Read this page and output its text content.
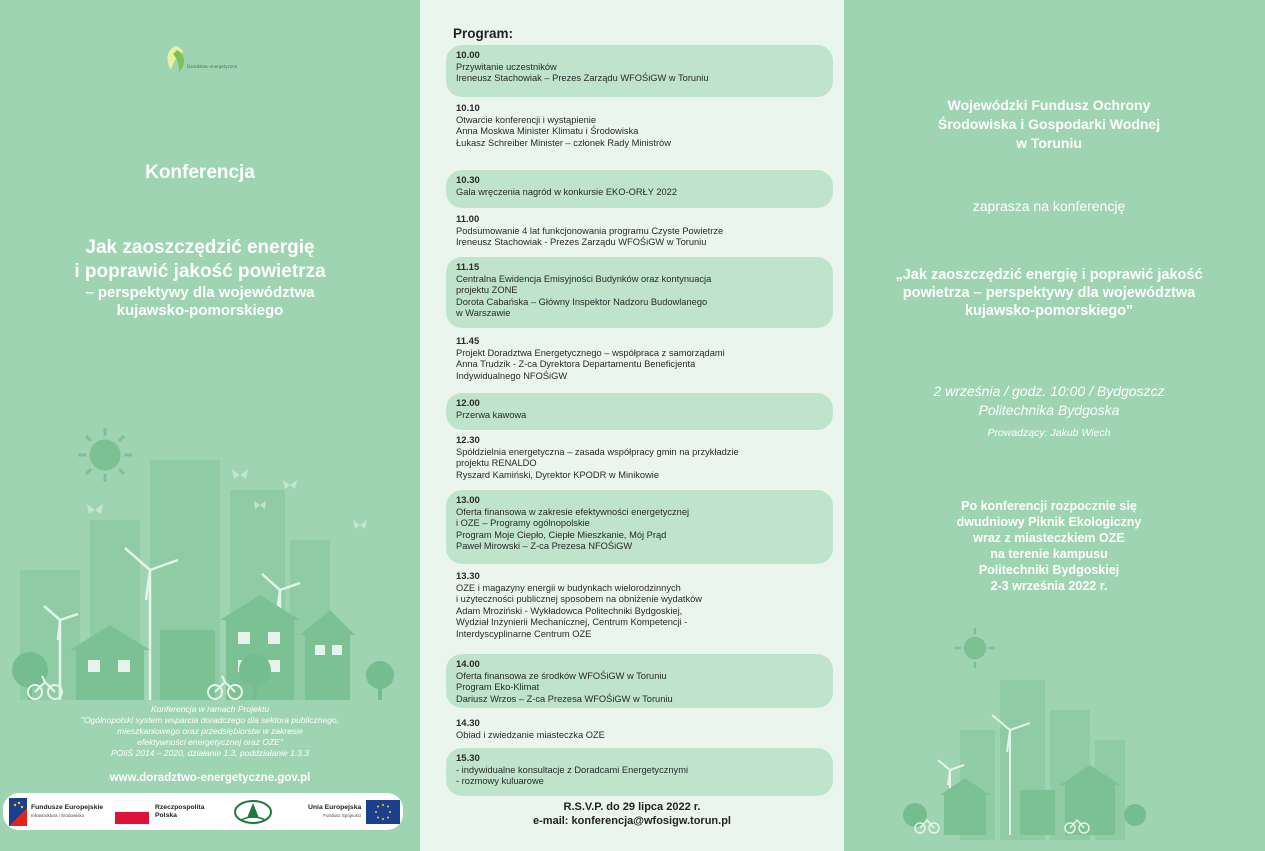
Doradztwo energetyczne
Konferencja
Jak zaoszczędzić energię
i poprawić jakość powietrza
– perspektywy dla województwa
kujawsko-pomorskiego
Konferencja w ramach Projektu
"Ogólnopolski system wsparcia doradczego dla sektora publicznego,
mieszkaniowego oraz przedsiębiorstw w zakresie
efektywności energetycznej oraz OZE"
POIiŚ 2014 – 2020, działanie 1.3, poddziałanie 1.3.3
www.doradztwo-energetyczne.gov.pl
Fundusze Europejskie
Infrastruktura i Środowisko
Rzeczpospolita Polska
Unia Europejska
Fundusz Spójności
Program:
10.00
Przywitanie uczestników
Ireneusz Stachowiak – Prezes Zarządu WFOŚiGW w Toruniu
10.10
Otwarcie konferencji i wystąpienie
Anna Moskwa Minister Klimatu i Środowiska
Łukasz Schreiber Minister – członek Rady Ministrów
10.30
Gala wręczenia nagród w konkursie EKO-ORŁY 2022
11.00
Podsumowanie 4 lat funkcjonowania programu Czyste Powietrze
Ireneusz Stachowiak - Prezes Zarządu WFOŚiGW w Toruniu
11.15
Centralna Ewidencja Emisyjności Budynków oraz kontynuacja
projektu ZONE
Dorota Cabańska – Główny Inspektor Nadzoru Budowlanego
w Warszawie
11.45
Projekt Doradztwa Energetycznego – współpraca z samorządami
Anna Trudzik - Z-ca Dyrektora Departamentu Beneficjenta
Indywidualnego NFOŚiGW
12.00
Przerwa kawowa
12.30
Spółdzielnia energetyczna – zasada współpracy gmin na przykładzie
projektu RENALDO
Ryszard Kamiński, Dyrektor KPODR w Minikowie
13.00
Oferta finansowa w zakresie efektywności energetycznej
i OZE – Programy ogólnopolskie
Program Moje Ciepło, Ciepłe Mieszkanie, Mój Prąd
Paweł Mirowski – Z-ca Prezesa NFOŚiGW
13.30
OZE i magazyny energii w budynkach wielorodzinnych
i użyteczności publicznej sposobem na obniżenie wydatków
Adam Mroziński - Wykładowca Politechniki Bydgoskiej,
Wydział Inżynierii Mechanicznej, Centrum Kompetencji -
Interdyscyplinarne Centrum OZE
14.00
Oferta finansowa ze środków WFOŚiGW w Toruniu
Program Eko-Klimat
Dariusz Wrzos – Z-ca Prezesa WFOŚiGW w Toruniu
14.30
Obiad i zwiedzanie miasteczka OZE
15.30
- indywidualne konsultacje z Doradcami Energetycznymi
- rozmowy kuluarowe
R.S.V.P. do 29 lipca 2022 r.
e-mail: konferencja@wfosigw.torun.pl
Wojewódzki Fundusz Ochrony
Środowiska i Gospodarki Wodnej
w Toruniu
zaprasza na konferencję
„Jak zaoszczędzić energię i poprawić jakość
powietrza – perspektywy dla województwa
kujawsko-pomorskiego"
2 września / godz. 10:00 / Bydgoszcz
Politechnika Bydgoska
Prowadzący: Jakub Wiech
Po konferencji rozpocznie się
dwudniowy Piknik Ekologiczny
wraz z miasteczkiem OZE
na terenie kampusu
Politechniki Bydgoskiej
2-3 września 2022 r.
